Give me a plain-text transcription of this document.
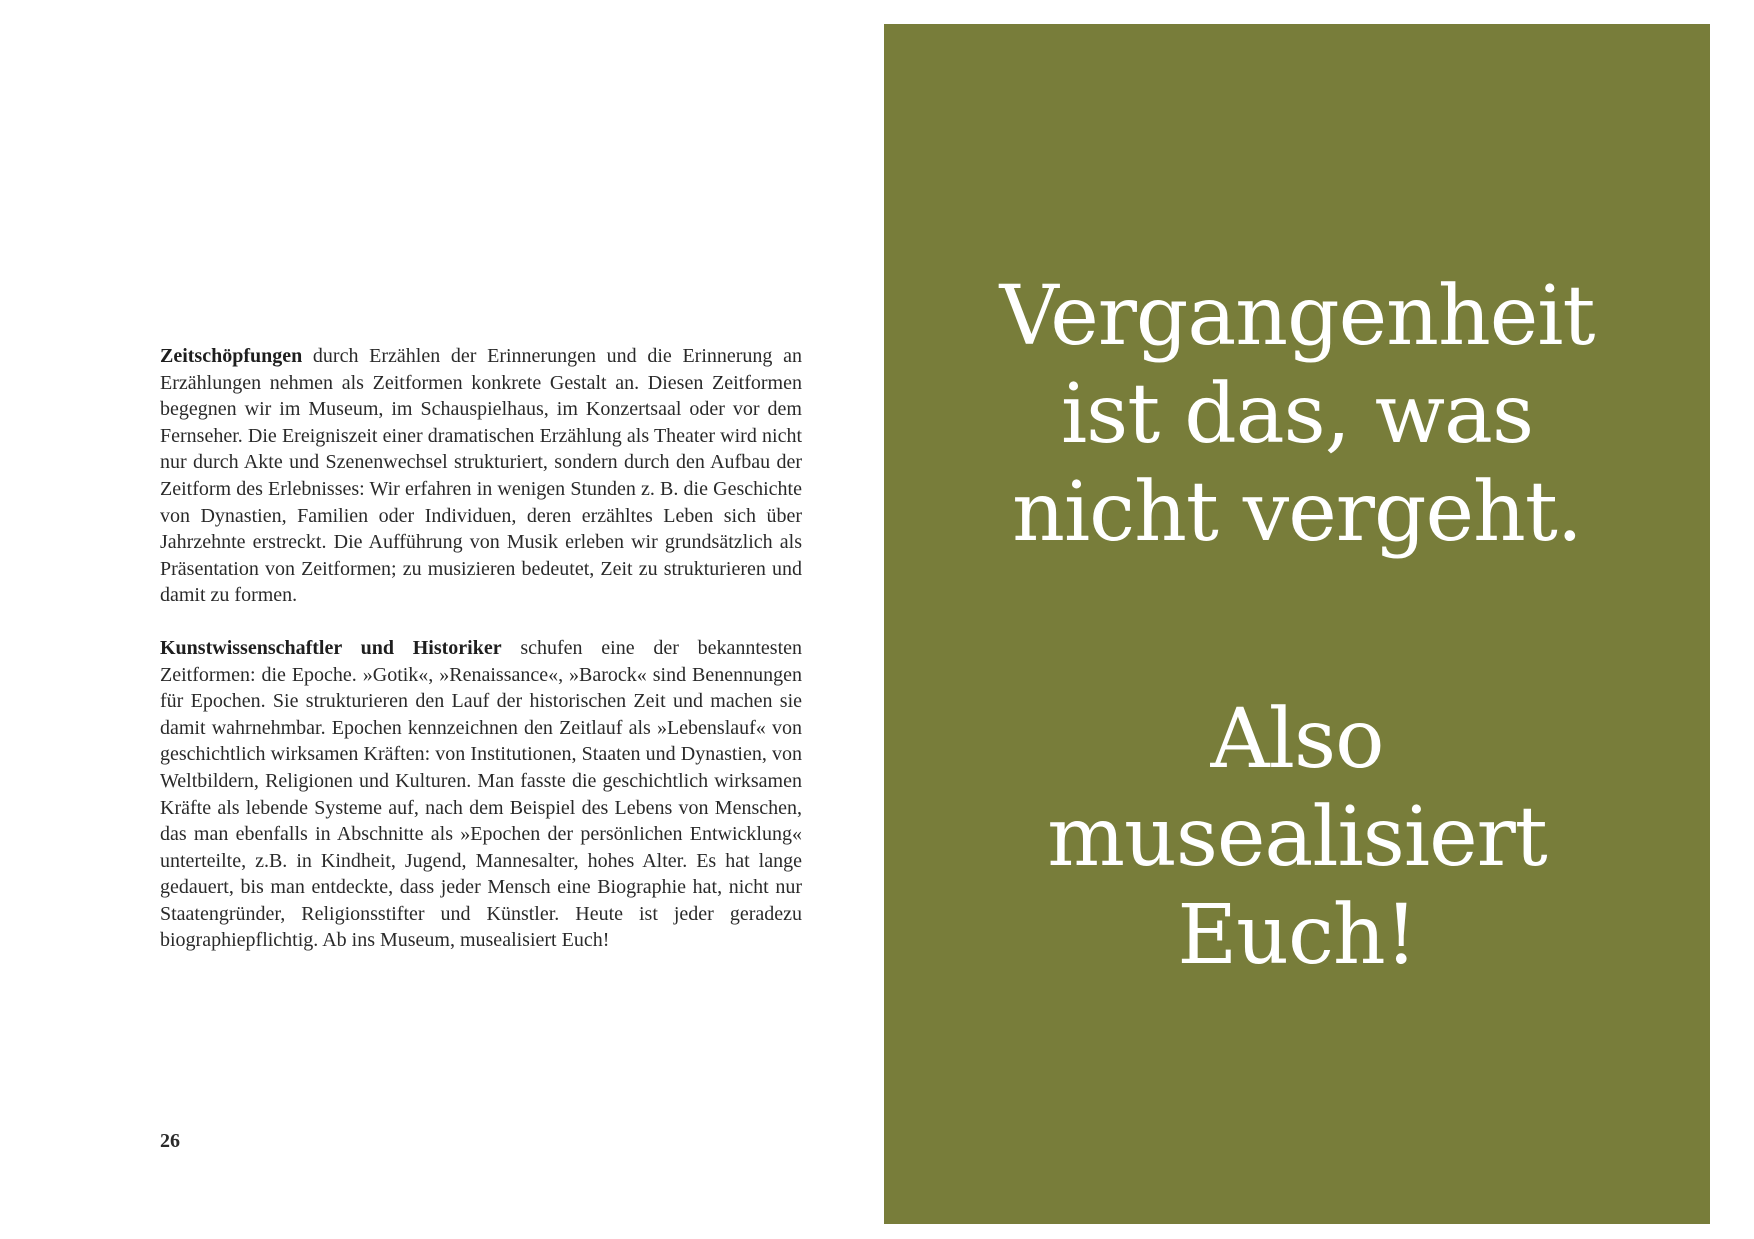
Zeitschöpfungen durch Erzählen der Erinnerungen und die Erinnerung an Erzählungen nehmen als Zeitformen konkrete Gestalt an. Diesen Zeitformen begegnen wir im Museum, im Schauspielhaus, im Konzertsaal oder vor dem Fernseher. Die Ereigniszeit einer dramatischen Erzählung als Theater wird nicht nur durch Akte und Szenenwechsel strukturiert, sondern durch den Aufbau der Zeitform des Erlebnisses: Wir erfahren in wenigen Stunden z. B. die Geschichte von Dynastien, Familien oder Individuen, deren erzähltes Leben sich über Jahrzehnte erstreckt. Die Aufführung von Musik erleben wir grundsätzlich als Präsentation von Zeitformen; zu musizieren bedeutet, Zeit zu strukturieren und damit zu formen.

Kunstwissenschaftler und Historiker schufen eine der bekanntesten Zeitformen: die Epoche. »Gotik«, »Renaissance«, »Barock« sind Benennungen für Epochen. Sie strukturieren den Lauf der historischen Zeit und machen sie damit wahrnehmbar. Epochen kennzeichnen den Zeitlauf als »Lebenslauf« von geschichtlich wirksamen Kräften: von Institutionen, Staaten und Dynastien, von Weltbildern, Religionen und Kulturen. Man fasste die geschichtlich wirksamen Kräfte als lebende Systeme auf, nach dem Beispiel des Lebens von Menschen, das man ebenfalls in Abschnitte als »Epochen der persönlichen Entwicklung« unterteilte, z.B. in Kindheit, Jugend, Mannesalter, hohes Alter. Es hat lange gedauert, bis man entdeckte, dass jeder Mensch eine Biographie hat, nicht nur Staatengründer, Religionsstifter und Künstler. Heute ist jeder geradezu biographiepflichtig. Ab ins Museum, musealisiert Euch!

26
Vergangenheit
ist das, was
nicht vergeht.
Also
musealisiert
Euch!
